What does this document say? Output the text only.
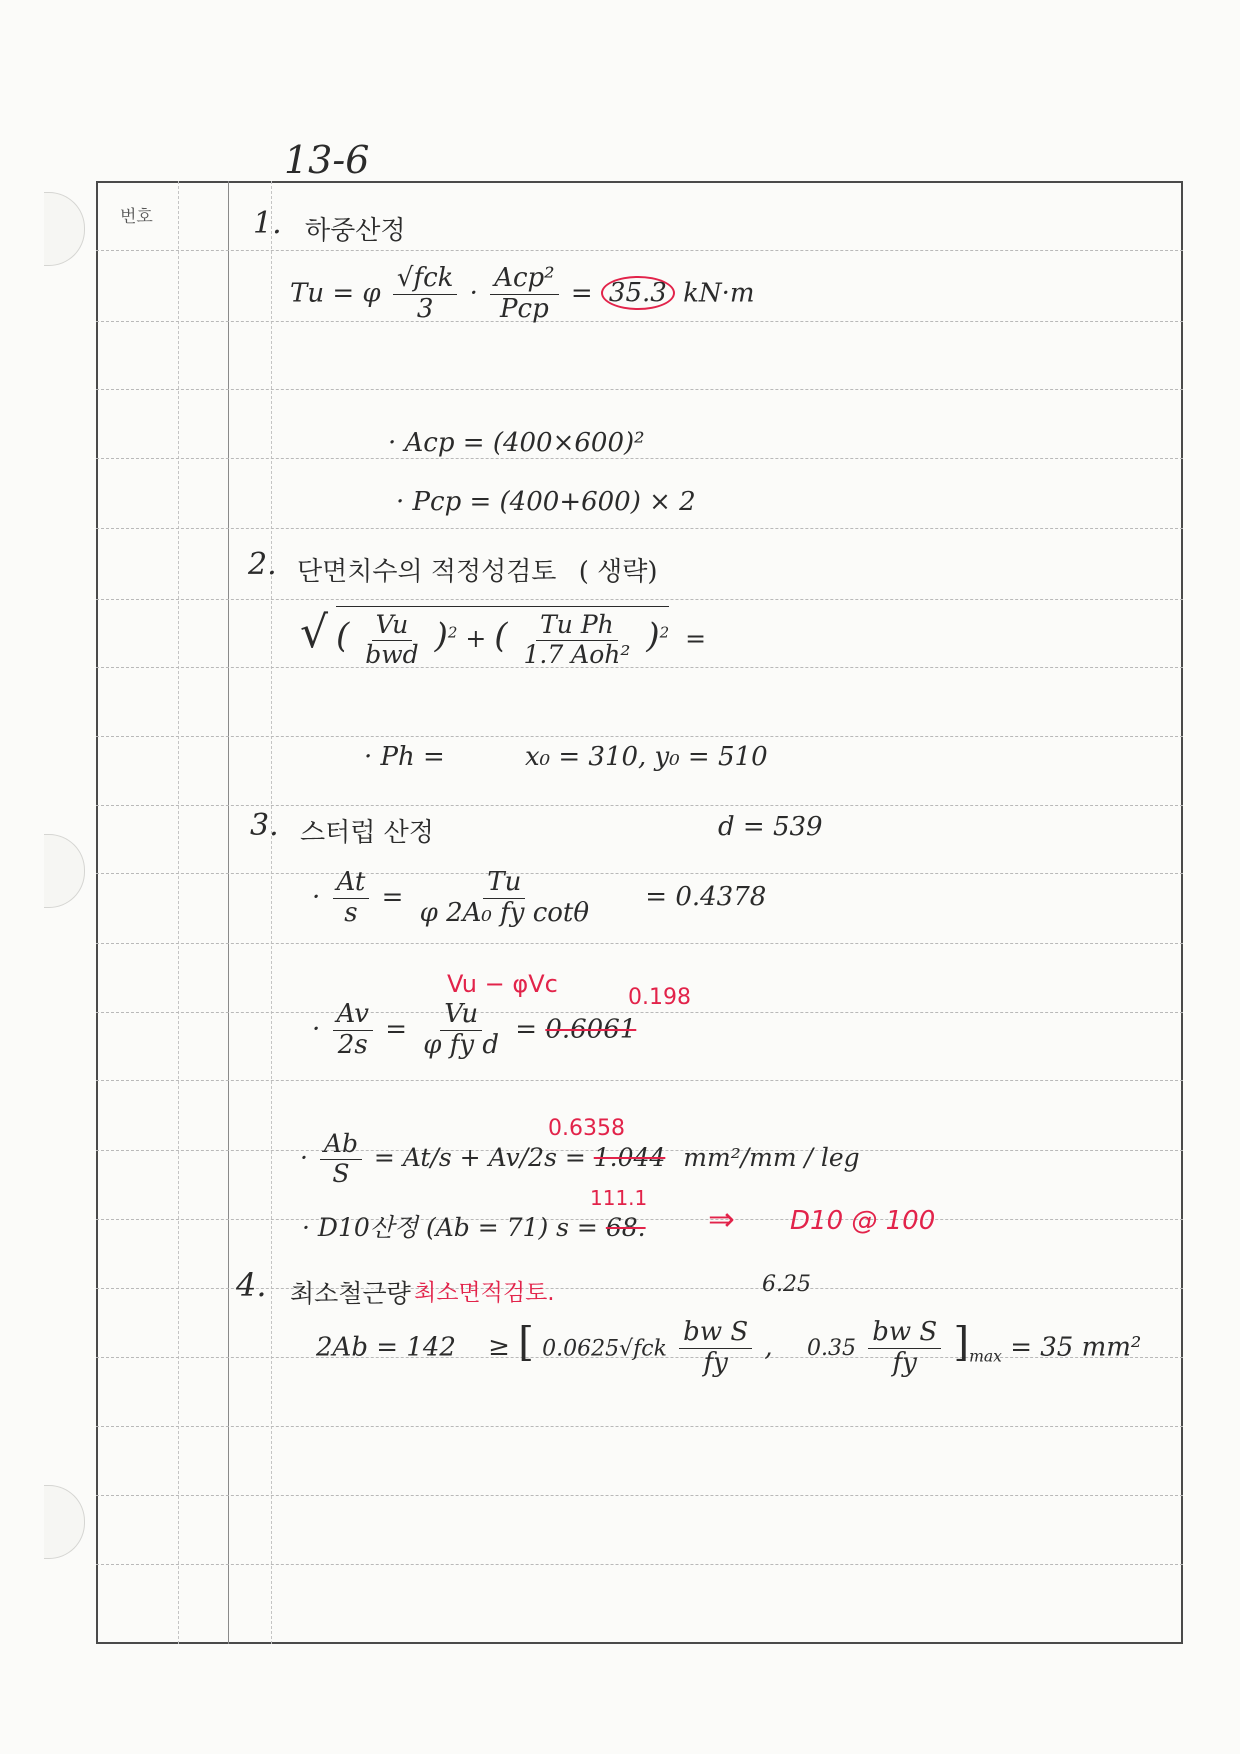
13-6
번호	1. 하중산정
Tu = φ $\frac{\text{√fck}}{3} \cdot \frac{\text{Acp²}}{\text{Pcp}} = 35.3$ kN·m
· Acp = (400×600)²
· Pcp = (400+600) × 2
2. 단면치수의 적정성검토 ( 생략)
√ ( $\frac{Vu}{\text{bwd}} )^2$ + ( $\frac{\text{Tu Ph}}{\text{1.7 Aoh²}} )^2$ =
· Ph =	x₀ = 310, y₀ = 510
3. 스터럽 산정	d = 539
· $\frac{At}{s} = \frac{Tu}{\text{φ 2A₀ fy cotθ}} = 0.4378$
Vu − φVc	0.198
· $\frac{Av}{2s} = \frac{Vu}{\text{φ fy d}} = 0.6061$
0.6358
· $\frac{Ab}{S} = At/s + Av/2s = 1.044$ mm²/mm / leg
111.1
· D10산정 (Ab = 71) s = 68. ⇒ D10 @ 100
4. 최소철근량 최소면적검토.	6.25
2Ab = 142 ≥ [ $0.0625√fck \frac{\text{bw S}}{fy}$ , $0.35 \frac{\text{bw S}}{fy} ]_{max} = 35$ mm²
